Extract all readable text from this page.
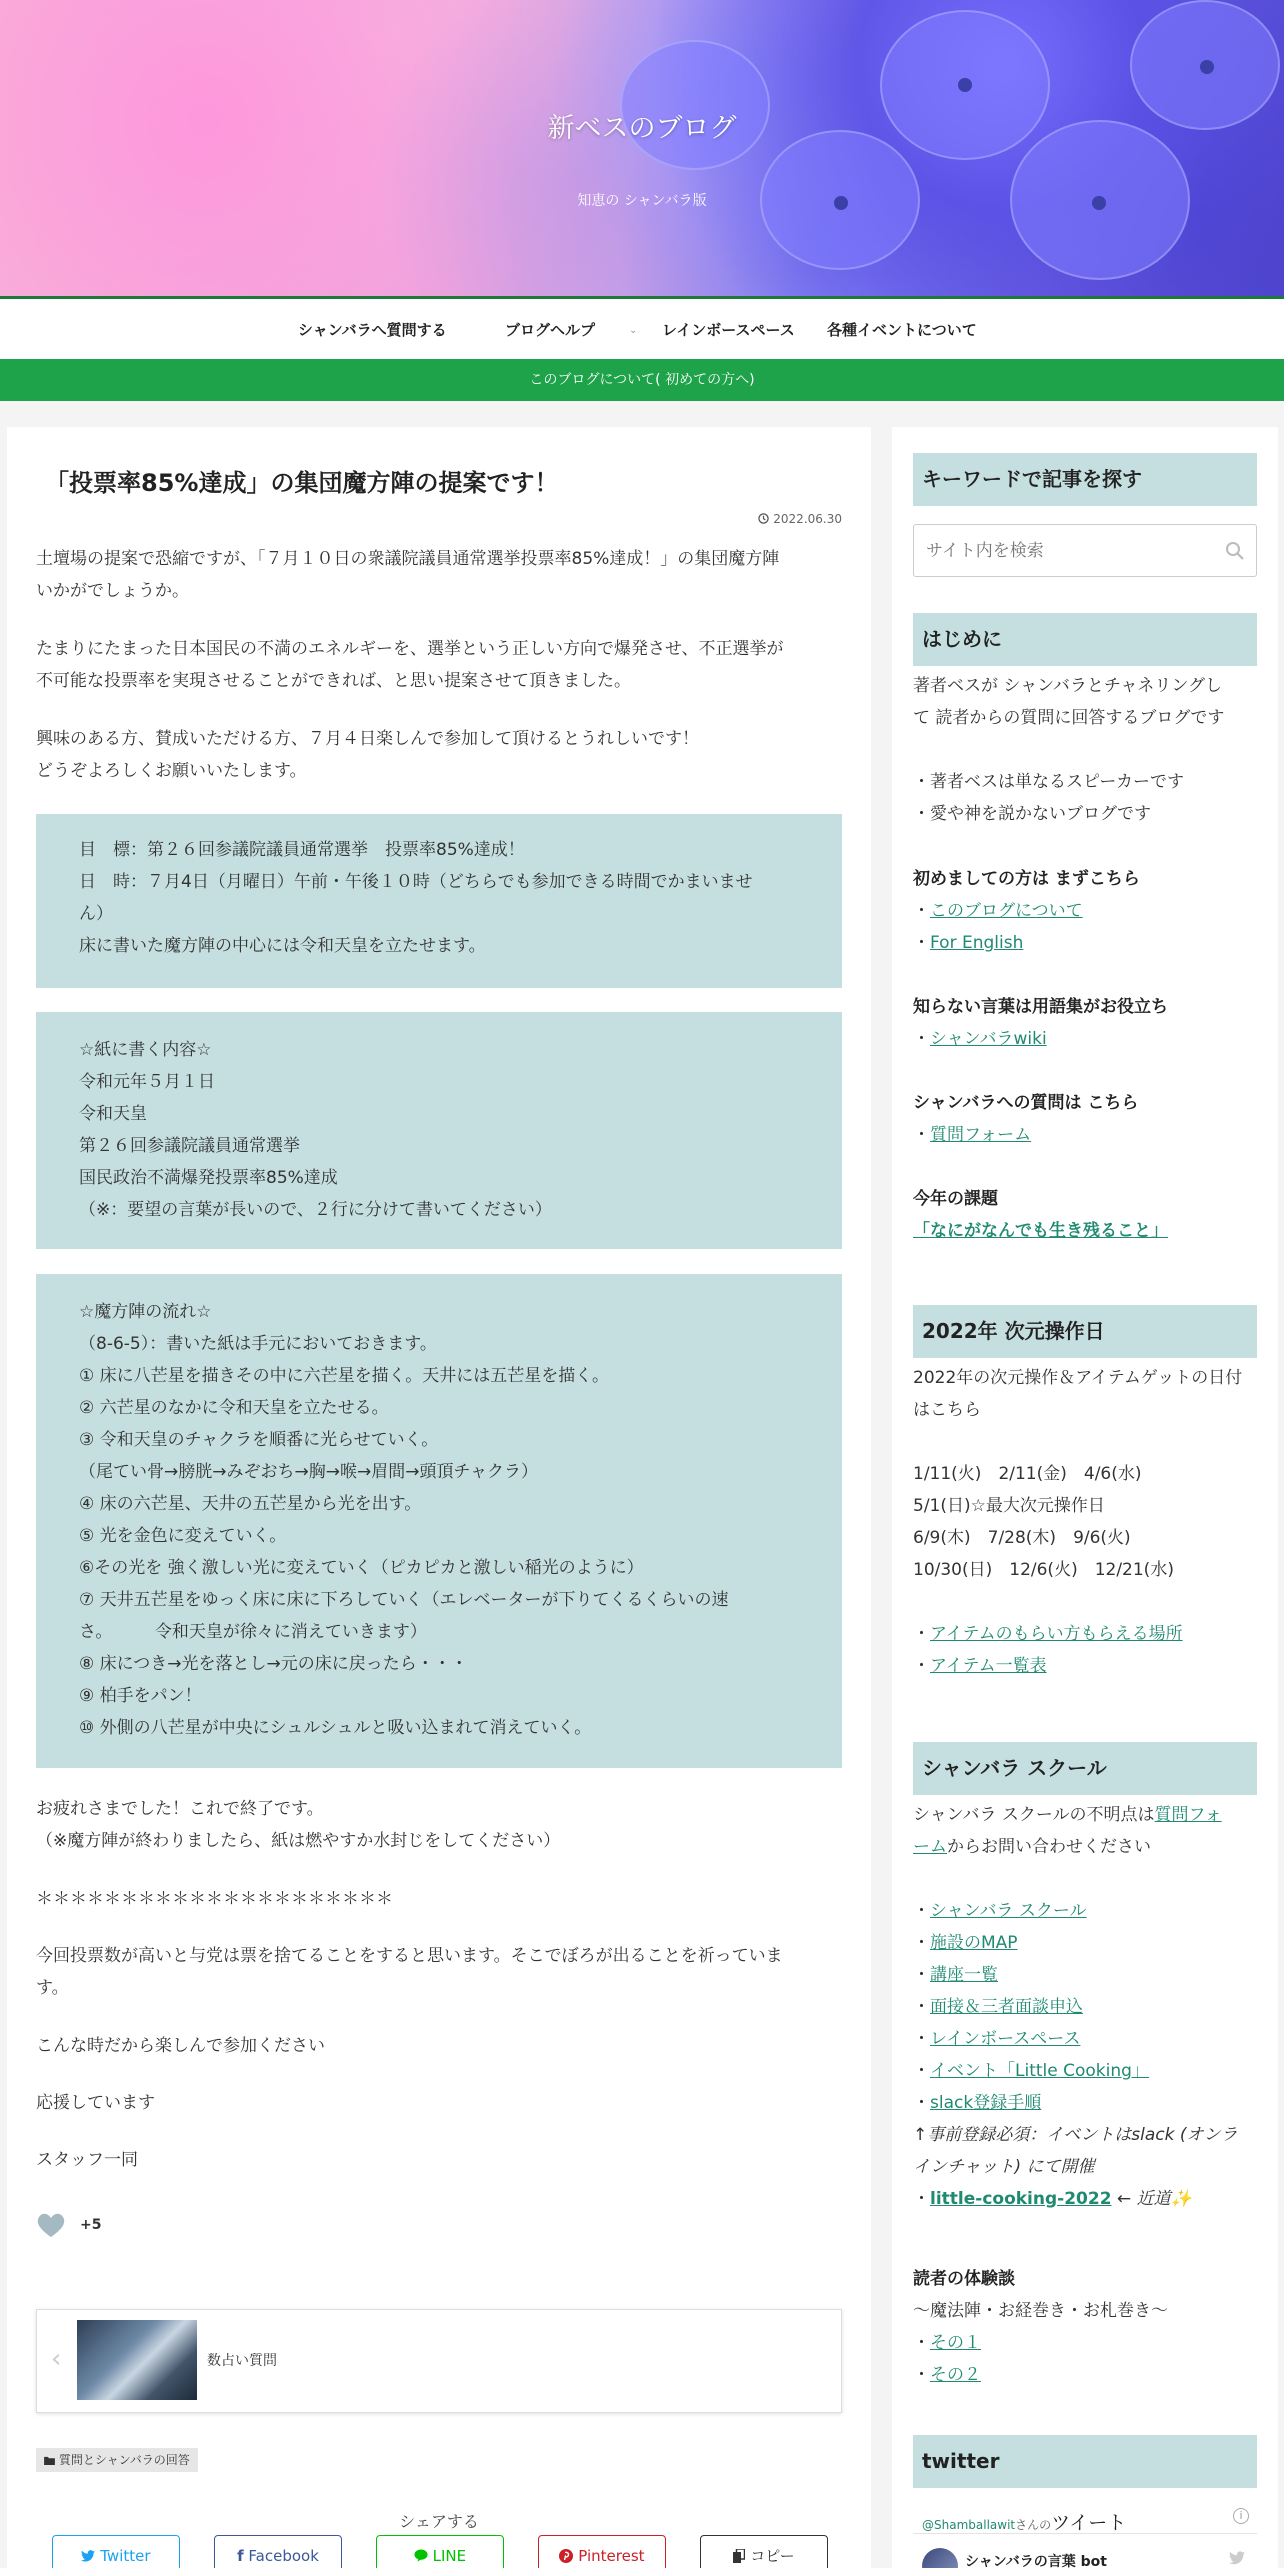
新ベスのブログ
知恵の シャンバラ版
シャンバラへ質問する	ブログヘルプ	⌄ レインボースペース 各種イベントについて
このブログについて( 初めての方へ)
「投票率85%達成」の集団魔方陣の提案です！
2022.06.30
土壇場の提案で恐縮ですが、「７月１０日の衆議院議員通常選挙投票率85%達成！」の集団魔方陣
いかがでしょうか。
たまりにたまった日本国民の不満のエネルギーを、選挙という正しい方向で爆発させ、不正選挙が
不可能な投票率を実現させることができれば、と思い提案させて頂きました。
興味のある方、賛成いただける方、７月４日楽しんで参加して頂けるとうれしいです！
どうぞよろしくお願いいたします。
目　標：第２６回参議院議員通常選挙　投票率85%達成！
日　時：７月4日（月曜日）午前・午後１０時（どちらでも参加できる時間でかまいませ
ん）
床に書いた魔方陣の中心には令和天皇を立たせます。
☆紙に書く内容☆
令和元年５月１日
令和天皇
第２６回参議院議員通常選挙
国民政治不満爆発投票率85%達成
（※：要望の言葉が長いので、２行に分けて書いてください）
☆魔方陣の流れ☆
（8-6-5）：書いた紙は手元においておきます。
① 床に八芒星を描きその中に六芒星を描く。天井には五芒星を描く。
② 六芒星のなかに令和天皇を立たせる。
③ 令和天皇のチャクラを順番に光らせていく。
（尾てい骨→膀胱→みぞおち→胸→喉→眉間→頭頂チャクラ）
④ 床の六芒星、天井の五芒星から光を出す。
⑤ 光を金色に変えていく。
⑥その光を 強く激しい光に変えていく（ピカピカと激しい稲光のように）
⑦ 天井五芒星をゆっく床に床に下ろしていく（エレベーターが下りてくるくらいの速
さ。　　　令和天皇が徐々に消えていきます）
⑧ 床につき→光を落とし→元の床に戻ったら・・・
⑨ 柏手をパン！
⑩ 外側の八芒星が中央にシュルシュルと吸い込まれて消えていく。
お疲れさまでした！これで終了です。
（※魔方陣が終わりましたら、紙は燃やすか水封じをしてください）
＊＊＊＊＊＊＊＊＊＊＊＊＊＊＊＊＊＊＊＊＊
今回投票数が高いと与党は票を捨てることをすると思います。そこでぼろが出ることを祈っていま
す。
こんな時だから楽しんで参加ください
応援しています
スタッフ一同
+5
‹	数占い質問
質問とシャンバラの回答
シェアする
Twitter	f Facebook	LINE	Pinterest	コピー
キーワードで記事を探す
サイト内を検索
はじめに
著者ベスが シャンバラとチャネリングし
て 読者からの質問に回答するブログです
・著者ベスは単なるスピーカーです
・愛や神を説かないブログです
初めましての方は まずこちら
・このブログについて
・For English
知らない言葉は用語集がお役立ち
・シャンバラwiki
シャンバラへの質問は こちら
・質問フォーム
今年の課題
「なにがなんでも生き残ること」
2022年 次元操作日
2022年の次元操作＆アイテムゲットの日付
はこちら
1/11(火)　2/11(金)　4/6(水)
5/1(日)☆最大次元操作日
6/9(木)　7/28(木)　9/6(火)
10/30(日)　12/6(火)　12/21(水)
・アイテムのもらい方もらえる場所
・アイテム一覧表
シャンバラ スクール
シャンバラ スクールの不明点は質問フォ
ームからお問い合わせください
・シャンバラ スクール
・施設のMAP
・講座一覧
・面接＆三者面談申込
・レインボースペース
・イベント「Little Cooking」
・slack登録手順
↑事前登録必須：イベントはslack (オンラ
インチャット) にて開催
・little-cooking-2022 ← 近道✨
読者の体験談
〜魔法陣・お経巻き・お札巻き〜
・その１
・その２
twitter
@Shamballawitさんのツイート	i
シャンバラの言葉 bot
